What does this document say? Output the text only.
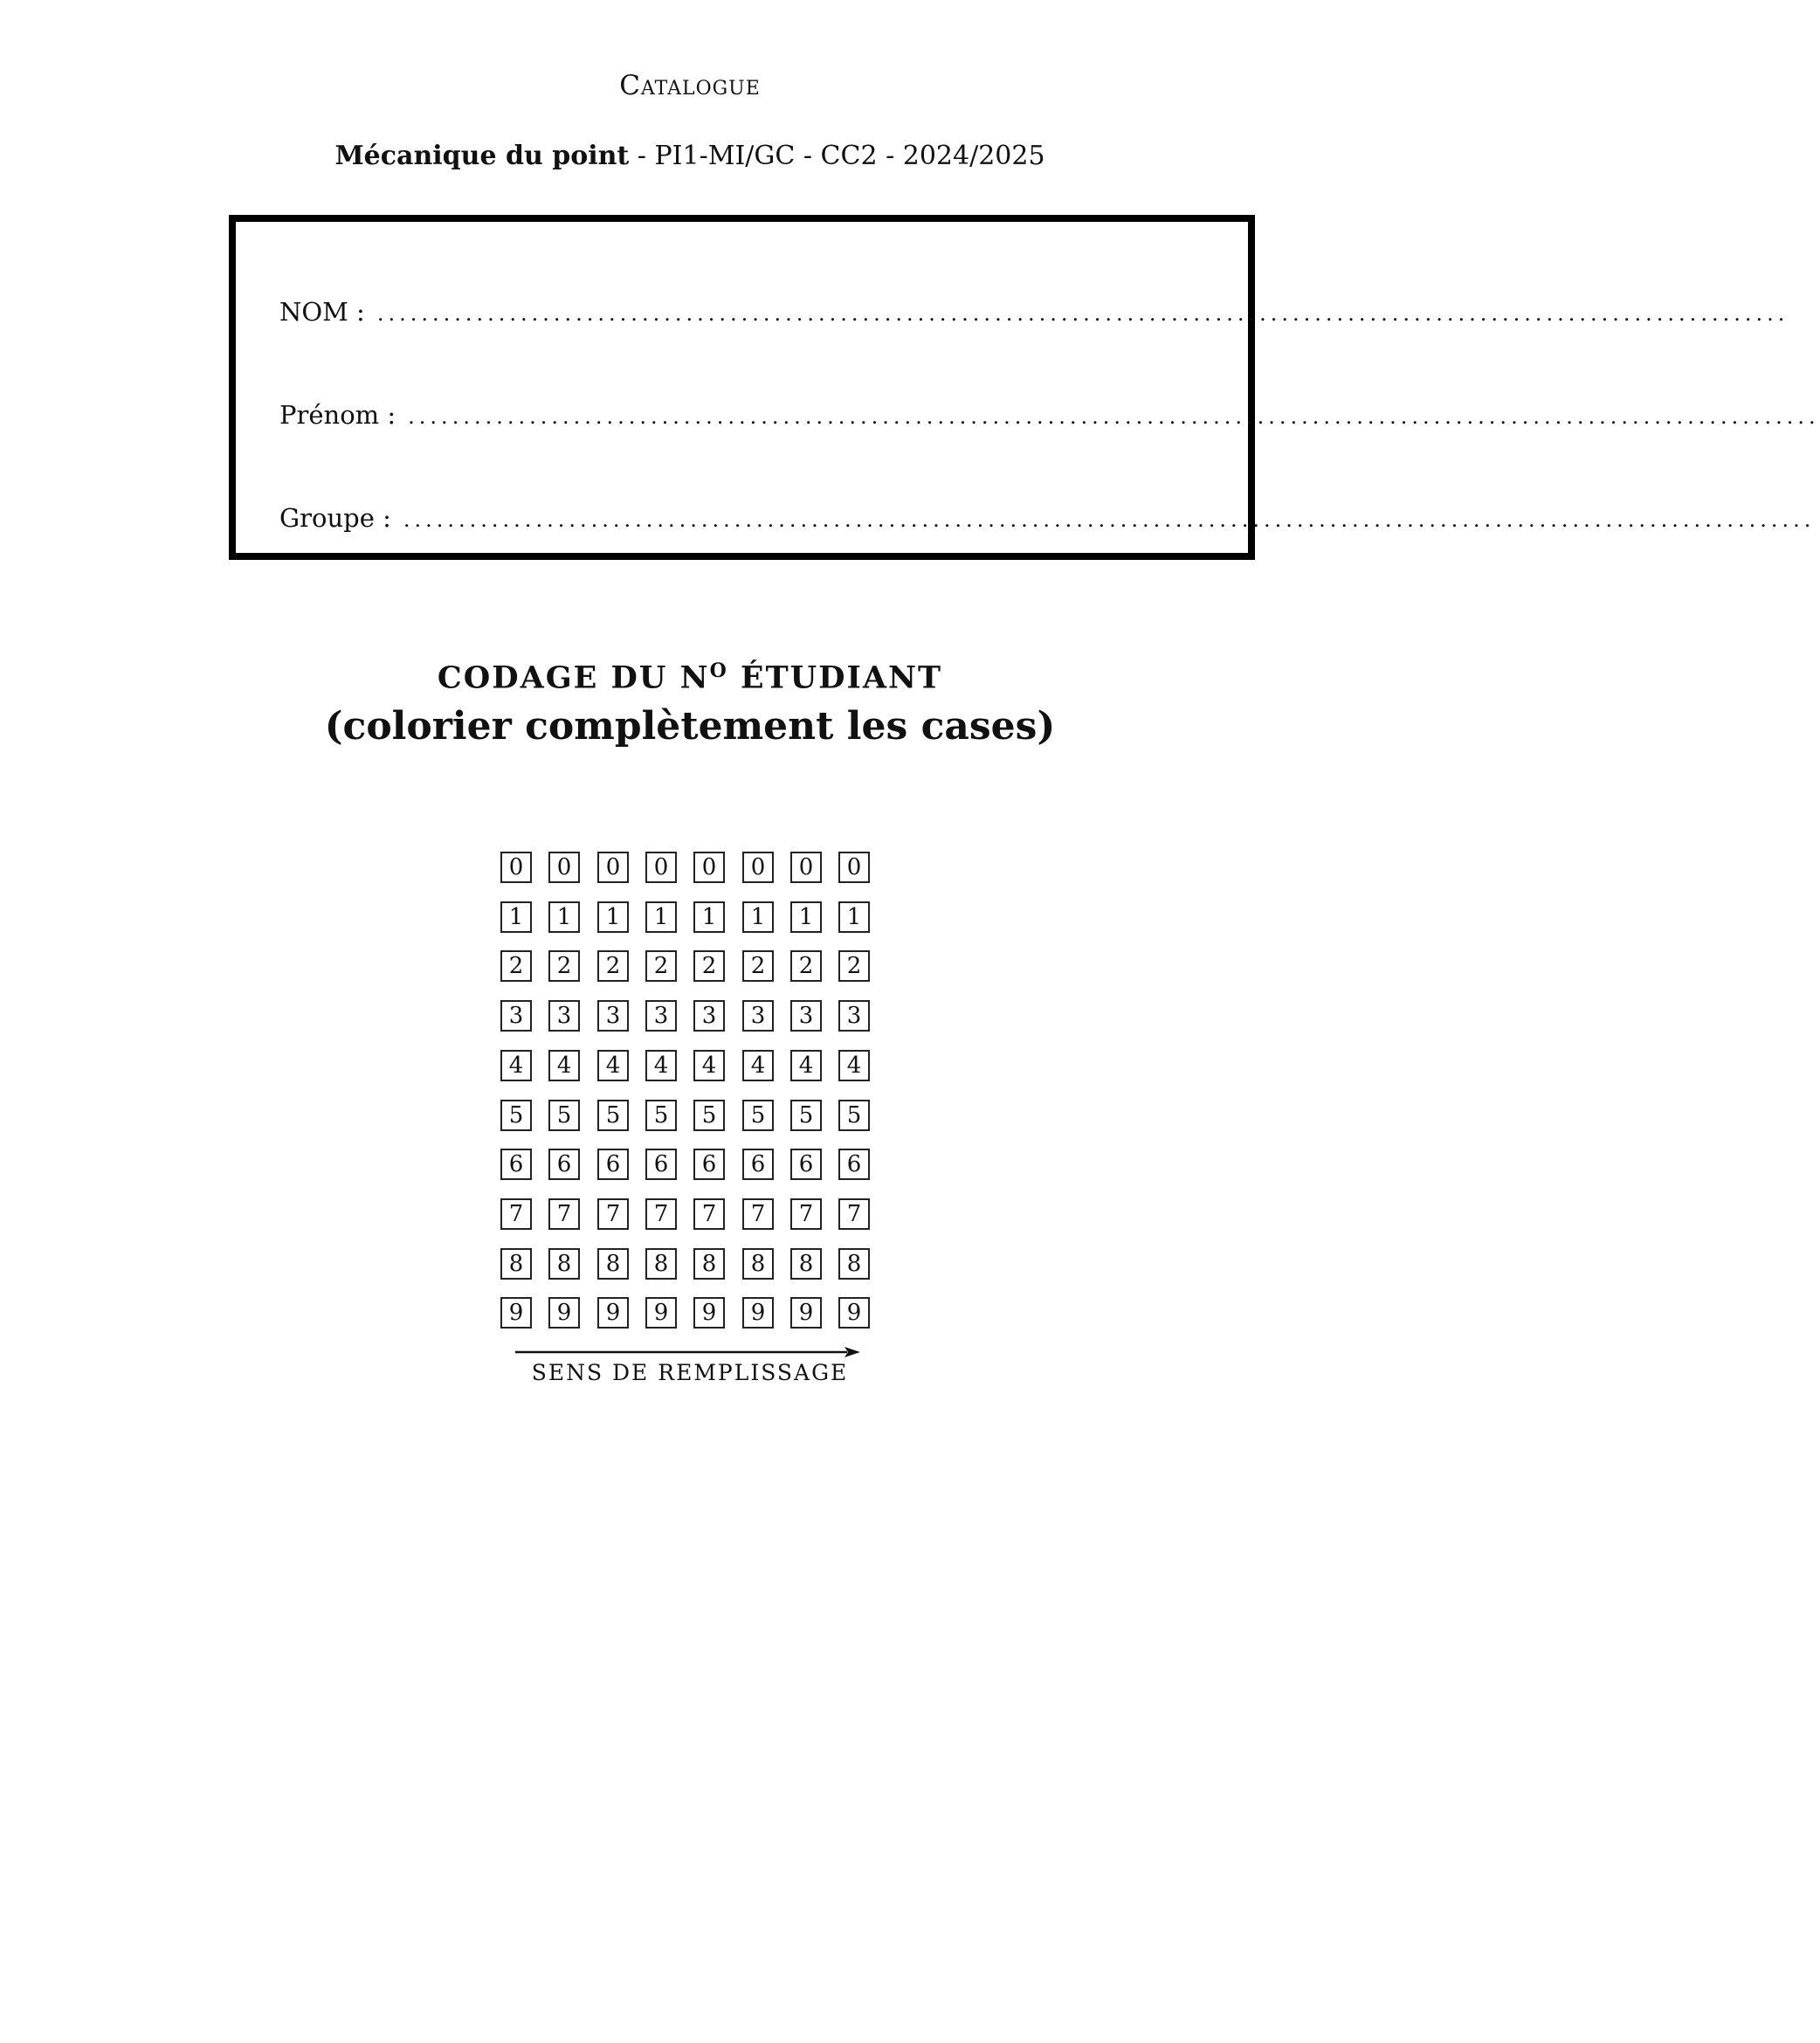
Catalogue
Mécanique du point - PI1-MI/GC - CC2 - 2024/2025
NOM : ................................................................................................................................
Prénom : ................................................................................................................................
Groupe : ................................................................................................................................
CODAGE DU $N^O$ ÉTUDIANT
(colorier complètement les cases)
0	0	0	0	0	0	0	0
1	1	1	1	1	1	1	1
2	2	2	2	2	2	2	2
3	3	3	3	3	3	3	3
4	4	4	4	4	4	4	4
5	5	5	5	5	5	5	5
6	6	6	6	6	6	6	6
7	7	7	7	7	7	7	7
8	8	8	8	8	8	8	8
9	9	9	9	9	9	9	9
SENS DE REMPLISSAGE
